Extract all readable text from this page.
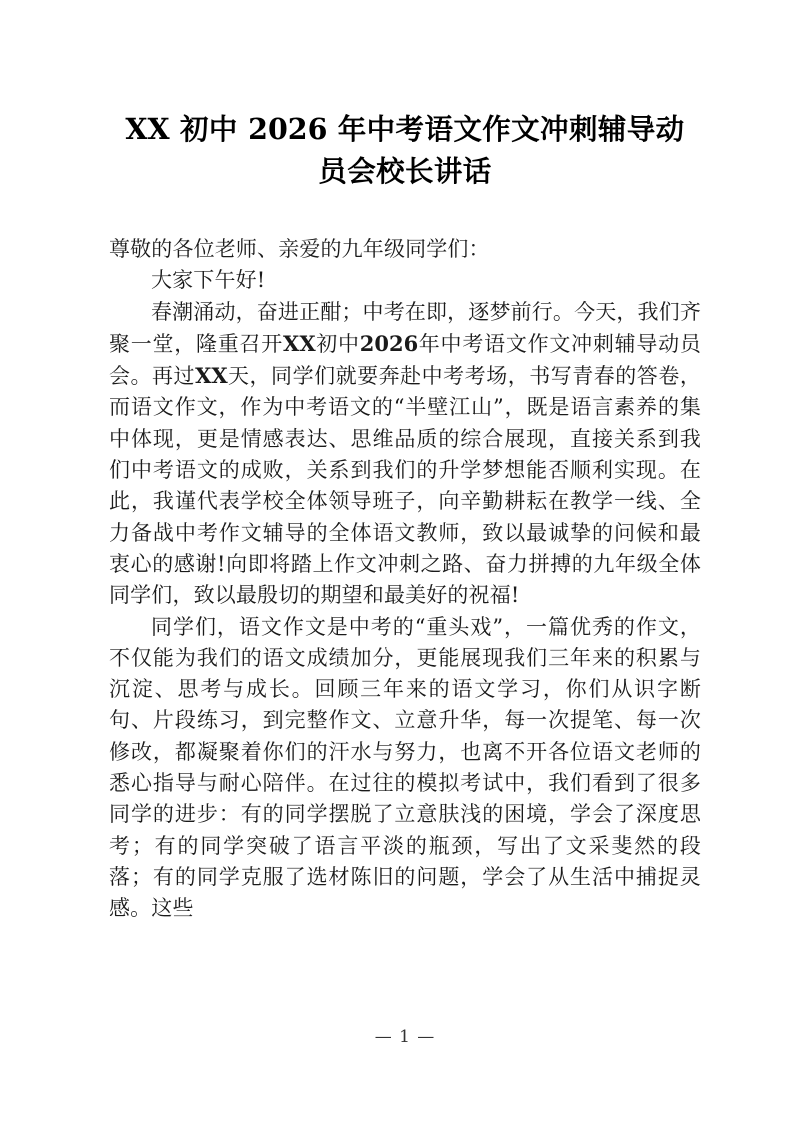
XX 初中 2026 年中考语文作文冲刺辅导动
员会校长讲话

尊敬的各位老师、亲爱的九年级同学们：

大家下午好!

春潮涌动，奋进正酣；中考在即，逐梦前行。今天，我们齐聚一堂，隆重召开XX初中2026年中考语文作文冲刺辅导动员会。再过XX天，同学们就要奔赴中考考场，书写青春的答卷，而语文作文，作为中考语文的“半壁江山”，既是语言素养的集中体现，更是情感表达、思维品质的综合展现，直接关系到我们中考语文的成败，关系到我们的升学梦想能否顺利实现。在此，我谨代表学校全体领导班子，向辛勤耕耘在教学一线、全力备战中考作文辅导的全体语文教师，致以最诚挚的问候和最衷心的感谢!向即将踏上作文冲刺之路、奋力拼搏的九年级全体同学们，致以最殷切的期望和最美好的祝福!

同学们，语文作文是中考的“重头戏”，一篇优秀的作文，不仅能为我们的语文成绩加分，更能展现我们三年来的积累与沉淀、思考与成长。回顾三年来的语文学习，你们从识字断句、片段练习，到完整作文、立意升华，每一次提笔、每一次修改，都凝聚着你们的汗水与努力，也离不开各位语文老师的悉心指导与耐心陪伴。在过往的模拟考试中，我们看到了很多同学的进步：有的同学摆脱了立意肤浅的困境，学会了深度思考；有的同学突破了语言平淡的瓶颈，写出了文采斐然的段落；有的同学克服了选材陈旧的问题，学会了从生活中捕捉灵感。这些

— 1 —
